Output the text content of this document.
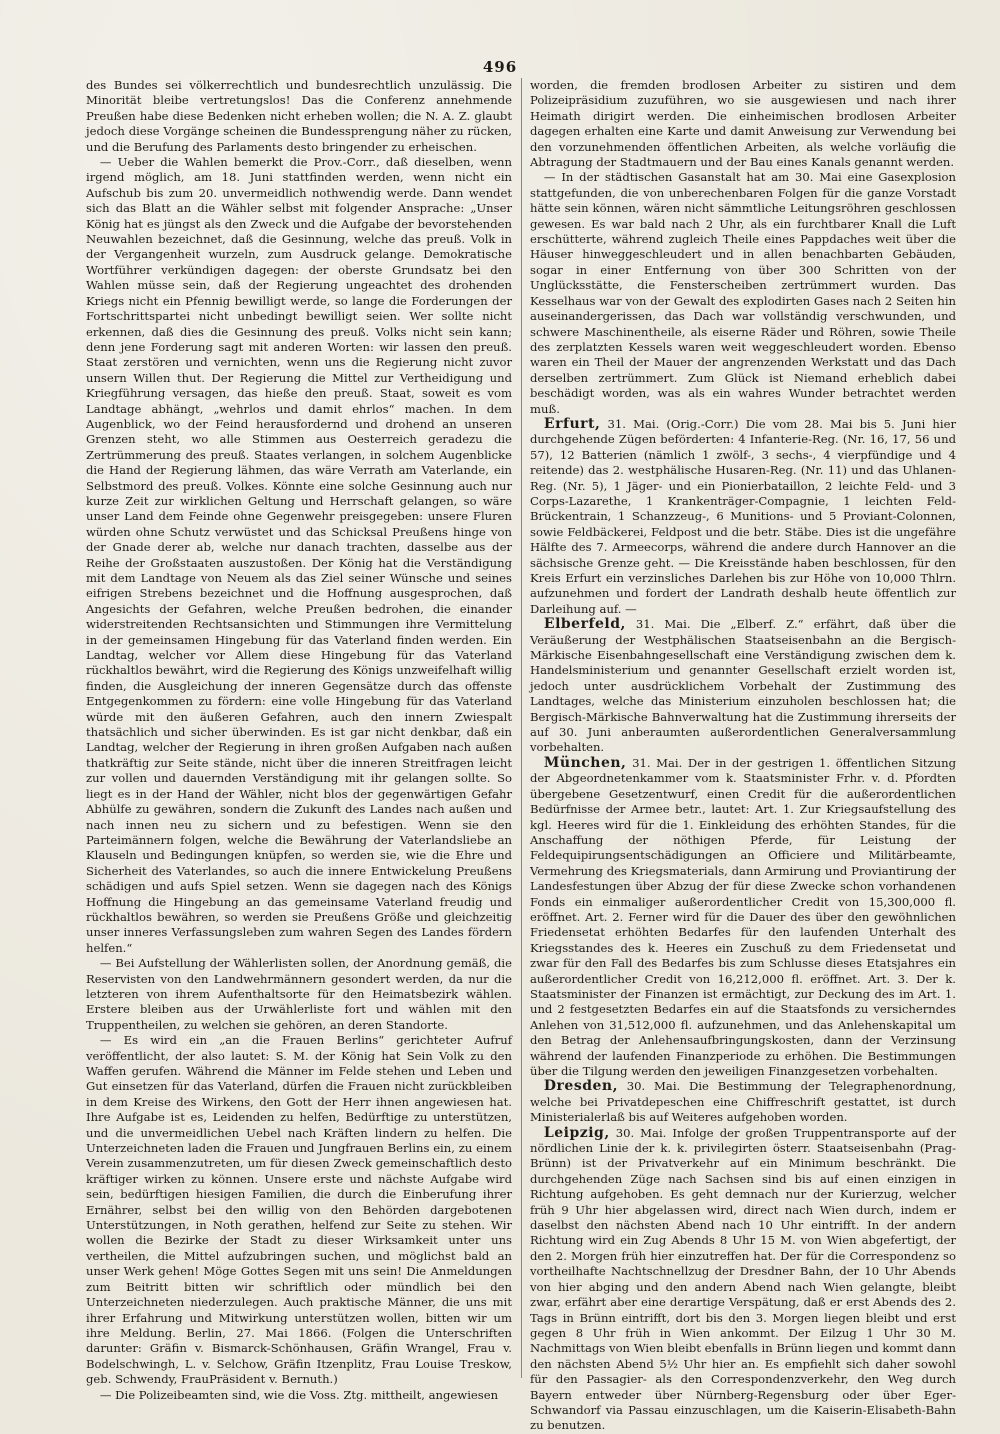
496

des Bundes sei völkerrechtlich und bundesrechtlich unzulässig. Die Minorität bleibe vertretungslos! Das die Conferenz annehmende Preußen habe diese Bedenken nicht erheben wollen; die N. A. Z. glaubt jedoch diese Vorgänge scheinen die Bundessprengung näher zu rücken, und die Berufung des Parlaments desto bringender zu erheischen.

— Ueber die Wahlen bemerkt die Prov.-Corr., daß dieselben, wenn irgend möglich, am 18. Juni stattfinden werden, wenn nicht ein Aufschub bis zum 20. unvermeidlich nothwendig werde. Dann wendet sich das Blatt an die Wähler selbst mit folgender Ansprache: „Unser König hat es jüngst als den Zweck und die Aufgabe der bevorstehenden Neuwahlen bezeichnet, daß die Gesinnung, welche das preuß. Volk in der Vergangenheit wurzeln, zum Ausdruck gelange. Demokratische Wortführer verkündigen dagegen: der oberste Grundsatz bei den Wahlen müsse sein, daß der Regierung ungeachtet des drohenden Kriegs nicht ein Pfennig bewilligt werde, so lange die Forderungen der Fortschrittspartei nicht unbedingt bewilligt seien. Wer sollte nicht erkennen, daß dies die Gesinnung des preuß. Volks nicht sein kann; denn jene Forderung sagt mit anderen Worten: wir lassen den preuß. Staat zerstören und vernichten, wenn uns die Regierung nicht zuvor unsern Willen thut. Der Regierung die Mittel zur Vertheidigung und Kriegführung versagen, das hieße den preuß. Staat, soweit es vom Landtage abhängt, „wehrlos und damit ehrlos“ machen. In dem Augenblick, wo der Feind herausfordernd und drohend an unseren Grenzen steht, wo alle Stimmen aus Oesterreich geradezu die Zertrümmerung des preuß. Staates verlangen, in solchem Augenblicke die Hand der Regierung lähmen, das wäre Verrath am Vaterlande, ein Selbstmord des preuß. Volkes. Könnte eine solche Gesinnung auch nur kurze Zeit zur wirklichen Geltung und Herrschaft gelangen, so wäre unser Land dem Feinde ohne Gegenwehr preisgegeben: unsere Fluren würden ohne Schutz verwüstet und das Schicksal Preußens hinge von der Gnade derer ab, welche nur danach trachten, dasselbe aus der Reihe der Großstaaten auszustoßen. Der König hat die Verständigung mit dem Landtage von Neuem als das Ziel seiner Wünsche und seines eifrigen Strebens bezeichnet und die Hoffnung ausgesprochen, daß Angesichts der Gefahren, welche Preußen bedrohen, die einander widerstreitenden Rechtsansichten und Stimmungen ihre Vermittelung in der gemeinsamen Hingebung für das Vaterland finden werden. Ein Landtag, welcher vor Allem diese Hingebung für das Vaterland rückhaltlos bewährt, wird die Regierung des Königs unzweifelhaft willig finden, die Ausgleichung der inneren Gegensätze durch das offenste Entgegenkommen zu fördern: eine volle Hingebung für das Vaterland würde mit den äußeren Gefahren, auch den innern Zwiespalt thatsächlich und sicher überwinden. Es ist gar nicht denkbar, daß ein Landtag, welcher der Regierung in ihren großen Aufgaben nach außen thatkräftig zur Seite stände, nicht über die inneren Streitfragen leicht zur vollen und dauernden Verständigung mit ihr gelangen sollte. So liegt es in der Hand der Wähler, nicht blos der gegenwärtigen Gefahr Abhülfe zu gewähren, sondern die Zukunft des Landes nach außen und nach innen neu zu sichern und zu befestigen. Wenn sie den Parteimännern folgen, welche die Bewährung der Vaterlandsliebe an Klauseln und Bedingungen knüpfen, so werden sie, wie die Ehre und Sicherheit des Vaterlandes, so auch die innere Entwickelung Preußens schädigen und aufs Spiel setzen. Wenn sie dagegen nach des Königs Hoffnung die Hingebung an das gemeinsame Vaterland freudig und rückhaltlos bewähren, so werden sie Preußens Größe und gleichzeitig unser inneres Verfassungsleben zum wahren Segen des Landes fördern helfen.“

— Bei Aufstellung der Wählerlisten sollen, der Anordnung gemäß, die Reservisten von den Landwehrmännern gesondert werden, da nur die letzteren von ihrem Aufenthaltsorte für den Heimatsbezirk wählen. Erstere bleiben aus der Urwählerliste fort und wählen mit den Truppentheilen, zu welchen sie gehören, an deren Standorte.

— Es wird ein „an die Frauen Berlins“ gerichteter Aufruf veröffentlicht, der also lautet: S. M. der König hat Sein Volk zu den Waffen gerufen. Während die Männer im Felde stehen und Leben und Gut einsetzen für das Vaterland, dürfen die Frauen nicht zurückbleiben in dem Kreise des Wirkens, den Gott der Herr ihnen angewiesen hat. Ihre Aufgabe ist es, Leidenden zu helfen, Bedürftige zu unterstützen, und die unvermeidlichen Uebel nach Kräften lindern zu helfen. Die Unterzeichneten laden die Frauen und Jungfrauen Berlins ein, zu einem Verein zusammenzutreten, um für diesen Zweck gemeinschaftlich desto kräftiger wirken zu können. Unsere erste und nächste Aufgabe wird sein, bedürftigen hiesigen Familien, die durch die Einberufung ihrer Ernährer, selbst bei den willig von den Behörden dargebotenen Unterstützungen, in Noth gerathen, helfend zur Seite zu stehen. Wir wollen die Bezirke der Stadt zu dieser Wirksamkeit unter uns vertheilen, die Mittel aufzubringen suchen, und möglichst bald an unser Werk gehen! Möge Gottes Segen mit uns sein! Die Anmeldungen zum Beitritt bitten wir schriftlich oder mündlich bei den Unterzeichneten niederzulegen. Auch praktische Männer, die uns mit ihrer Erfahrung und Mitwirkung unterstützen wollen, bitten wir um ihre Meldung. Berlin, 27. Mai 1866. (Folgen die Unterschriften darunter: Gräfin v. Bismarck-Schönhausen, Gräfin Wrangel, Frau v. Bodelschwingh, L. v. Selchow, Gräfin Itzenplitz, Frau Louise Treskow, geb. Schwendy, FrauPräsident v. Bernuth.)

— Die Polizeibeamten sind, wie die Voss. Ztg. mittheilt, angewiesen

worden, die fremden brodlosen Arbeiter zu sistiren und dem Polizeipräsidium zuzuführen, wo sie ausgewiesen und nach ihrer Heimath dirigirt werden. Die einheimischen brodlosen Arbeiter dagegen erhalten eine Karte und damit Anweisung zur Verwendung bei den vorzunehmenden öffentlichen Arbeiten, als welche vorläufig die Abtragung der Stadtmauern und der Bau eines Kanals genannt werden.

— In der städtischen Gasanstalt hat am 30. Mai eine Gasexplosion stattgefunden, die von unberechenbaren Folgen für die ganze Vorstadt hätte sein können, wären nicht sämmtliche Leitungsröhren geschlossen gewesen. Es war bald nach 2 Uhr, als ein furchtbarer Knall die Luft erschütterte, während zugleich Theile eines Pappdaches weit über die Häuser hinweggeschleudert und in allen benachbarten Gebäuden, sogar in einer Entfernung von über 300 Schritten von der Unglücksstätte, die Fensterscheiben zertrümmert wurden. Das Kesselhaus war von der Gewalt des explodirten Gases nach 2 Seiten hin auseinandergerissen, das Dach war vollständig verschwunden, und schwere Maschinentheile, als eiserne Räder und Röhren, sowie Theile des zerplatzten Kessels waren weit weggeschleudert worden. Ebenso waren ein Theil der Mauer der angrenzenden Werkstatt und das Dach derselben zertrümmert. Zum Glück ist Niemand erheblich dabei beschädigt worden, was als ein wahres Wunder betrachtet werden muß.

Erfurt, 31. Mai. (Orig.-Corr.) Die vom 28. Mai bis 5. Juni hier durchgehende Zügen beförderten: 4 Infanterie-Reg. (Nr. 16, 17, 56 und 57), 12 Batterien (nämlich 1 zwölf-, 3 sechs-, 4 vierpfündige und 4 reitende) das 2. westphälische Husaren-Reg. (Nr. 11) und das Uhlanen-Reg. (Nr. 5), 1 Jäger- und ein Pionierbataillon, 2 leichte Feld- und 3 Corps-Lazarethe, 1 Krankenträger-Compagnie, 1 leichten Feld-Brückentrain, 1 Schanzzeug-, 6 Munitions- und 5 Proviant-Colonnen, sowie Feldbäckerei, Feldpost und die betr. Stäbe. Dies ist die ungefähre Hälfte des 7. Armeecorps, während die andere durch Hannover an die sächsische Grenze geht. — Die Kreisstände haben beschlossen, für den Kreis Erfurt ein verzinsliches Darlehen bis zur Höhe von 10,000 Thlrn. aufzunehmen und fordert der Landrath deshalb heute öffentlich zur Darleihung auf. —

Elberfeld, 31. Mai. Die „Elberf. Z.“ erfährt, daß über die Veräußerung der Westphälischen Staatseisenbahn an die Bergisch-Märkische Eisenbahngesellschaft eine Verständigung zwischen dem k. Handelsministerium und genannter Gesellschaft erzielt worden ist, jedoch unter ausdrücklichem Vorbehalt der Zustimmung des Landtages, welche das Ministerium einzuholen beschlossen hat; die Bergisch-Märkische Bahnverwaltung hat die Zustimmung ihrerseits der auf 30. Juni anberaumten außerordentlichen Generalversammlung vorbehalten.

München, 31. Mai. Der in der gestrigen 1. öffentlichen Sitzung der Abgeordnetenkammer vom k. Staatsminister Frhr. v. d. Pfordten übergebene Gesetzentwurf, einen Credit für die außerordentlichen Bedürfnisse der Armee betr., lautet: Art. 1. Zur Kriegsaufstellung des kgl. Heeres wird für die 1. Einkleidung des erhöhten Standes, für die Anschaffung der nöthigen Pferde, für Leistung der Feldequipirungsentschädigungen an Officiere und Militärbeamte, Vermehrung des Kriegsmaterials, dann Armirung und Proviantirung der Landesfestungen über Abzug der für diese Zwecke schon vorhandenen Fonds ein einmaliger außerordentlicher Credit von 15,300,000 fl. eröffnet. Art. 2. Ferner wird für die Dauer des über den gewöhnlichen Friedensetat erhöhten Bedarfes für den laufenden Unterhalt des Kriegsstandes des k. Heeres ein Zuschuß zu dem Friedensetat und zwar für den Fall des Bedarfes bis zum Schlusse dieses Etatsjahres ein außerordentlicher Credit von 16,212,000 fl. eröffnet. Art. 3. Der k. Staatsminister der Finanzen ist ermächtigt, zur Deckung des im Art. 1. und 2 festgesetzten Bedarfes ein auf die Staatsfonds zu versicherndes Anlehen von 31,512,000 fl. aufzunehmen, und das Anlehenskapital um den Betrag der Anlehensaufbringungskosten, dann der Verzinsung während der laufenden Finanzperiode zu erhöhen. Die Bestimmungen über die Tilgung werden den jeweiligen Finanzgesetzen vorbehalten.

Dresden, 30. Mai. Die Bestimmung der Telegraphenordnung, welche bei Privatdepeschen eine Chiffreschrift gestattet, ist durch Ministerialerlaß bis auf Weiteres aufgehoben worden.

Leipzig, 30. Mai. Infolge der großen Truppentransporte auf der nördlichen Linie der k. k. privilegirten österr. Staatseisenbahn (Prag-Brünn) ist der Privatverkehr auf ein Minimum beschränkt. Die durchgehenden Züge nach Sachsen sind bis auf einen einzigen in Richtung aufgehoben. Es geht demnach nur der Kurierzug, welcher früh 9 Uhr hier abgelassen wird, direct nach Wien durch, indem er daselbst den nächsten Abend nach 10 Uhr eintrifft. In der andern Richtung wird ein Zug Abends 8 Uhr 15 M. von Wien abgefertigt, der den 2. Morgen früh hier einzutreffen hat. Der für die Correspondenz so vortheilhafte Nachtschnellzug der Dresdner Bahn, der 10 Uhr Abends von hier abging und den andern Abend nach Wien gelangte, bleibt zwar, erfährt aber eine derartige Verspätung, daß er erst Abends des 2. Tags in Brünn eintrifft, dort bis den 3. Morgen liegen bleibt und erst gegen 8 Uhr früh in Wien ankommt. Der Eilzug 1 Uhr 30 M. Nachmittags von Wien bleibt ebenfalls in Brünn liegen und kommt dann den nächsten Abend 5½ Uhr hier an. Es empfiehlt sich daher sowohl für den Passagier- als den Correspondenzverkehr, den Weg durch Bayern entweder über Nürnberg-Regensburg oder über Eger-Schwandorf via Passau einzuschlagen, um die Kaiserin-Elisabeth-Bahn zu benutzen.
